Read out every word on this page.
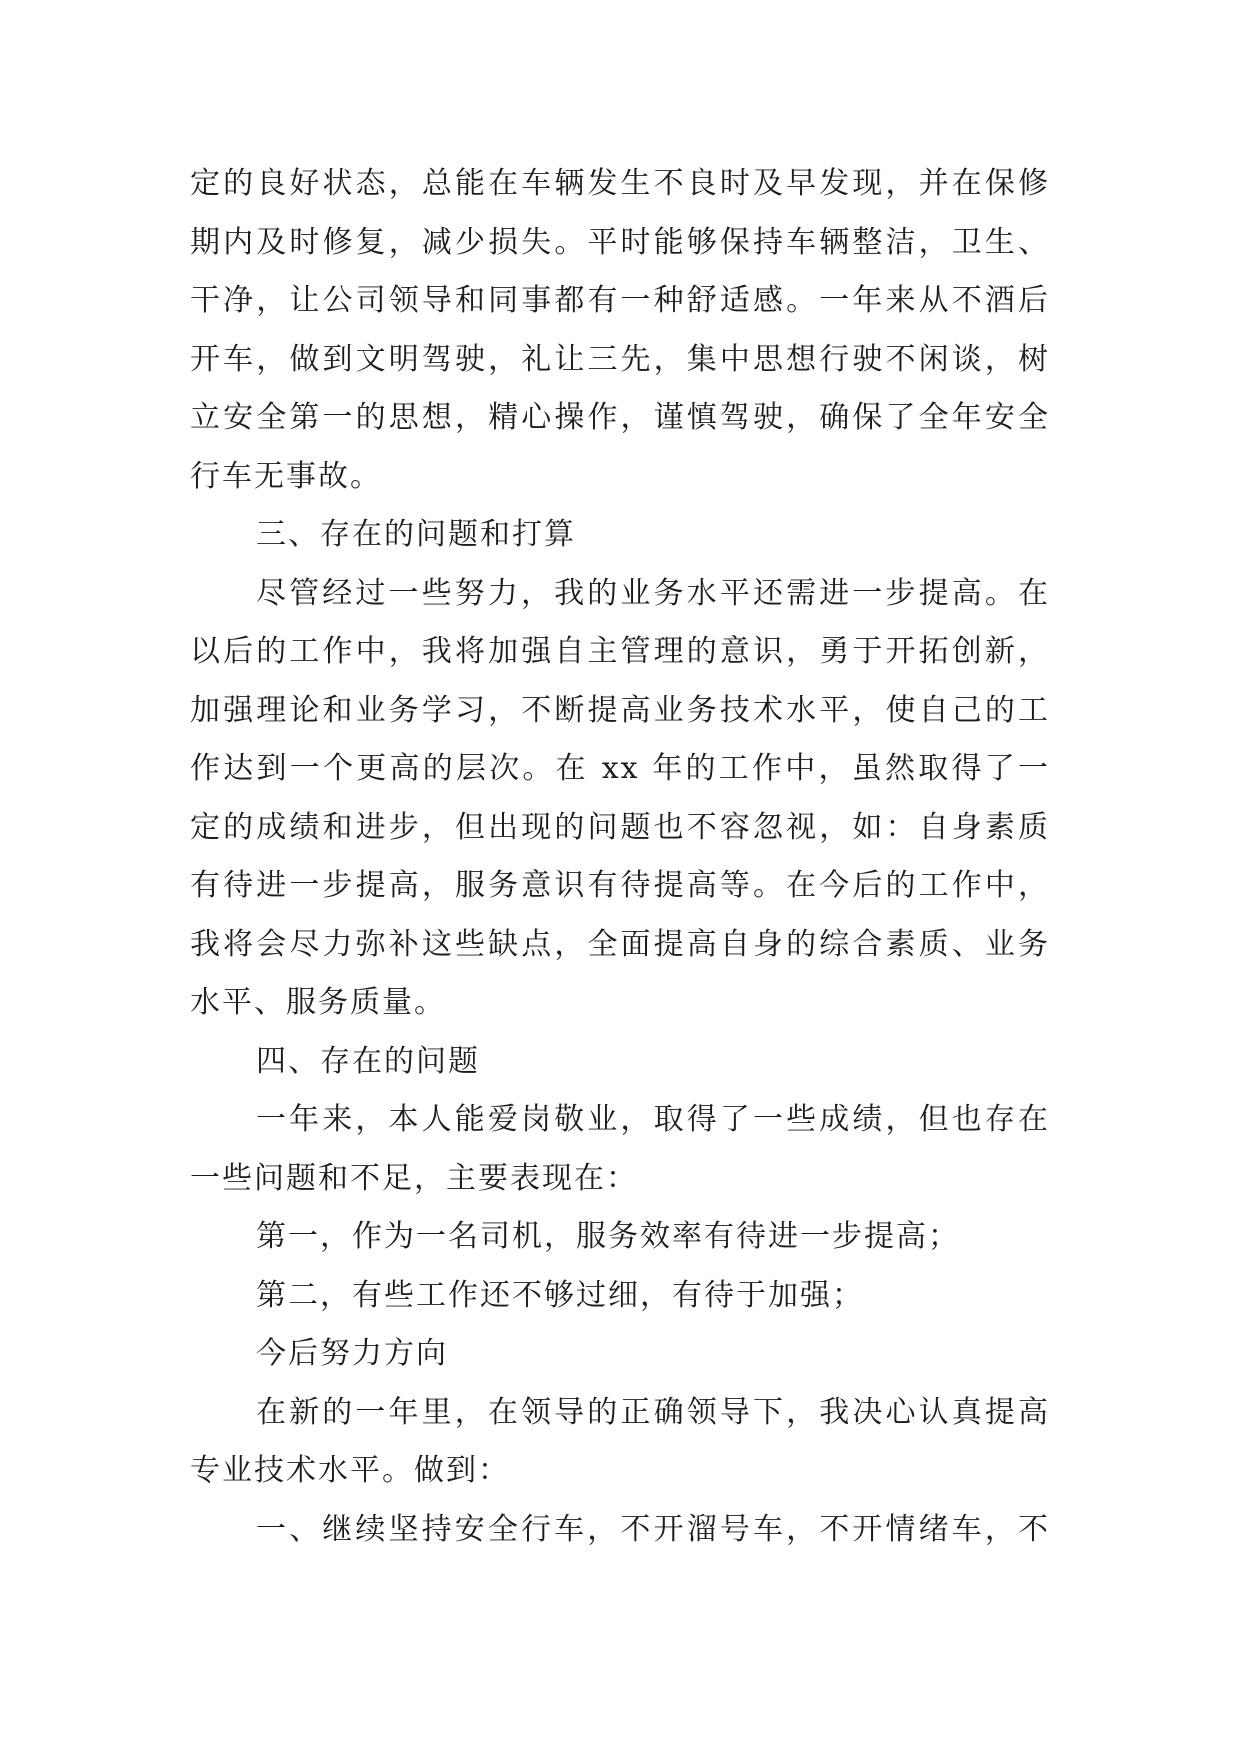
定的良好状态，总能在车辆发生不良时及早发现，并在保修
期内及时修复，减少损失。平时能够保持车辆整洁，卫生、
干净，让公司领导和同事都有一种舒适感。一年来从不酒后
开车，做到文明驾驶，礼让三先，集中思想行驶不闲谈，树
立安全第一的思想，精心操作，谨慎驾驶，确保了全年安全
行车无事故。
三、存在的问题和打算
尽管经过一些努力，我的业务水平还需进一步提高。在
以后的工作中，我将加强自主管理的意识，勇于开拓创新，
加强理论和业务学习，不断提高业务技术水平，使自己的工
作达到一个更高的层次。在 xx 年的工作中，虽然取得了一
定的成绩和进步，但出现的问题也不容忽视，如：自身素质
有待进一步提高，服务意识有待提高等。在今后的工作中，
我将会尽力弥补这些缺点，全面提高自身的综合素质、业务
水平、服务质量。
四、存在的问题
一年来，本人能爱岗敬业，取得了一些成绩，但也存在
一些问题和不足，主要表现在：
第一，作为一名司机，服务效率有待进一步提高；
第二，有些工作还不够过细，有待于加强；
今后努力方向
在新的一年里，在领导的正确领导下，我决心认真提高
专业技术水平。做到：
一、继续坚持安全行车，不开溜号车，不开情绪车，不
